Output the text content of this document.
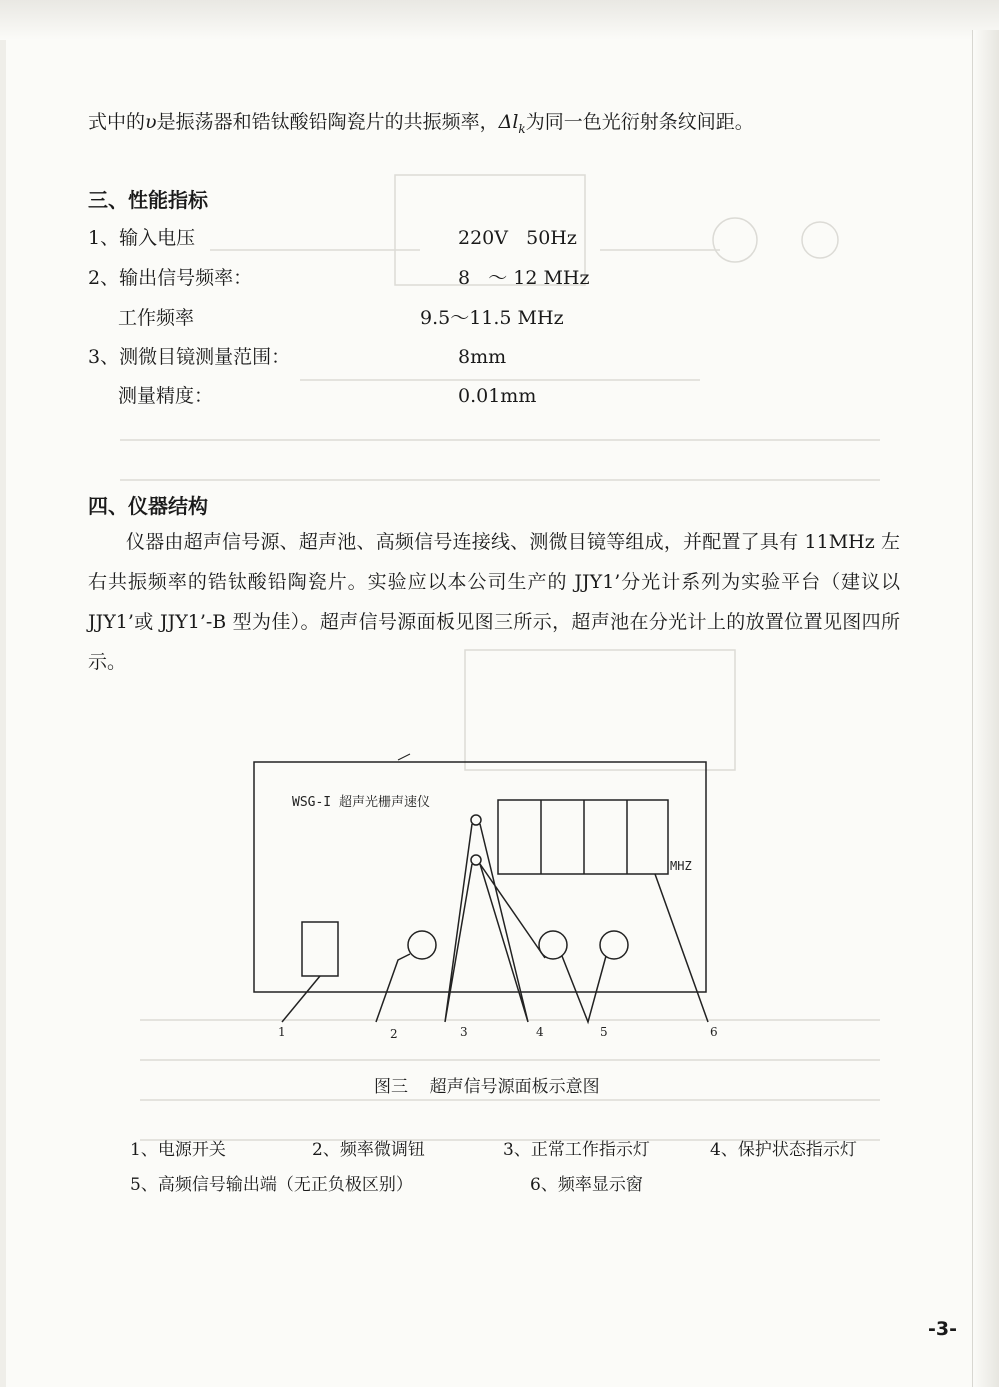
式中的υ是振荡器和锆钛酸铅陶瓷片的共振频率，$\Delta l_k$为同一色光衍射条纹间距。
三、性能指标
1、输入电压	220V   50Hz
2、输出信号频率：	8   ～ 12 MHz
工作频率	9.5～11.5 MHz
3、测微目镜测量范围：	8mm
测量精度：	0.01mm
四、仪器结构
仪器由超声信号源、超声池、高频信号连接线、测微目镜等组成，并配置了具有 11MHz 左右共振频率的锆钛酸铅陶瓷片。实验应以本公司生产的 JJY1’分光计系列为实验平台（建议以 JJY1’或 JJY1’-B 型为佳）。超声信号源面板见图三所示，超声池在分光计上的放置位置见图四所示。
WSG-I 超声光栅声速仪
MHZ
1	2	3	4	5	6
图三 超声信号源面板示意图
1、电源开关	2、频率微调钮	3、正常工作指示灯	4、保护状态指示灯
5、高频信号输出端（无正负极区别）	6、频率显示窗
-3-
